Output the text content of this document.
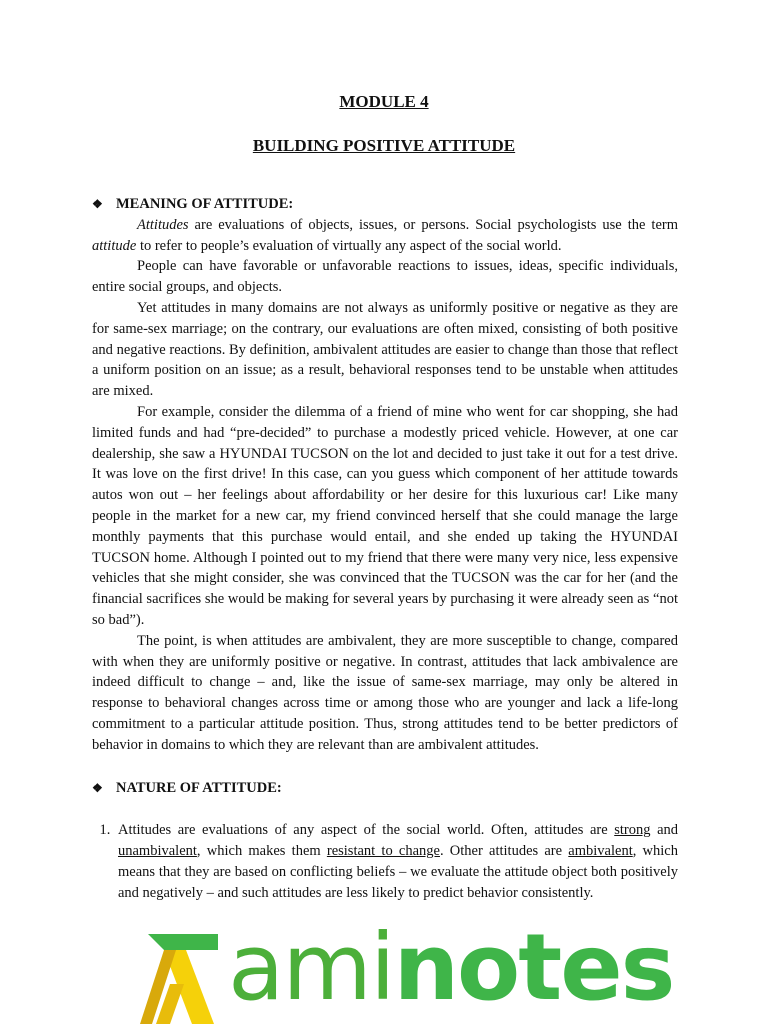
MODULE 4
BUILDING POSITIVE ATTITUDE

❖ MEANING OF ATTITUDE:

Attitudes are evaluations of objects, issues, or persons. Social psychologists use the term attitude to refer to people’s evaluation of virtually any aspect of the social world.

People can have favorable or unfavorable reactions to issues, ideas, specific individuals, entire social groups, and objects.

Yet attitudes in many domains are not always as uniformly positive or negative as they are for same-sex marriage; on the contrary, our evaluations are often mixed, consisting of both positive and negative reactions. By definition, ambivalent attitudes are easier to change than those that reflect a uniform position on an issue; as a result, behavioral responses tend to be unstable when attitudes are mixed.

For example, consider the dilemma of a friend of mine who went for car shopping, she had limited funds and had “pre-decided” to purchase a modestly priced vehicle. However, at one car dealership, she saw a HYUNDAI TUCSON on the lot and decided to just take it out for a test drive. It was love on the first drive! In this case, can you guess which component of her attitude towards autos won out – her feelings about affordability or her desire for this luxurious car! Like many people in the market for a new car, my friend convinced herself that she could manage the large monthly payments that this purchase would entail, and she ended up taking the HYUNDAI TUCSON home. Although I pointed out to my friend that there were many very nice, less expensive vehicles that she might consider, she was convinced that the TUCSON was the car for her (and the financial sacrifices she would be making for several years by purchasing it were already seen as “not so bad”).

The point, is when attitudes are ambivalent, they are more susceptible to change, compared with when they are uniformly positive or negative. In contrast, attitudes that lack ambivalence are indeed difficult to change – and, like the issue of same-sex marriage, may only be altered in response to behavioral changes across time or among those who are younger and lack a life-long commitment to a particular attitude position. Thus, strong attitudes tend to be better predictors of behavior in domains to which they are relevant than are ambivalent attitudes.

❖ NATURE OF ATTITUDE:

1. Attitudes are evaluations of any aspect of the social world. Often, attitudes are strong and unambivalent, which makes them resistant to change. Other attitudes are ambivalent, which means that they are based on conflicting beliefs – we evaluate the attitude object both positively and negatively – and such attitudes are less likely to predict behavior consistently.
aminotes
